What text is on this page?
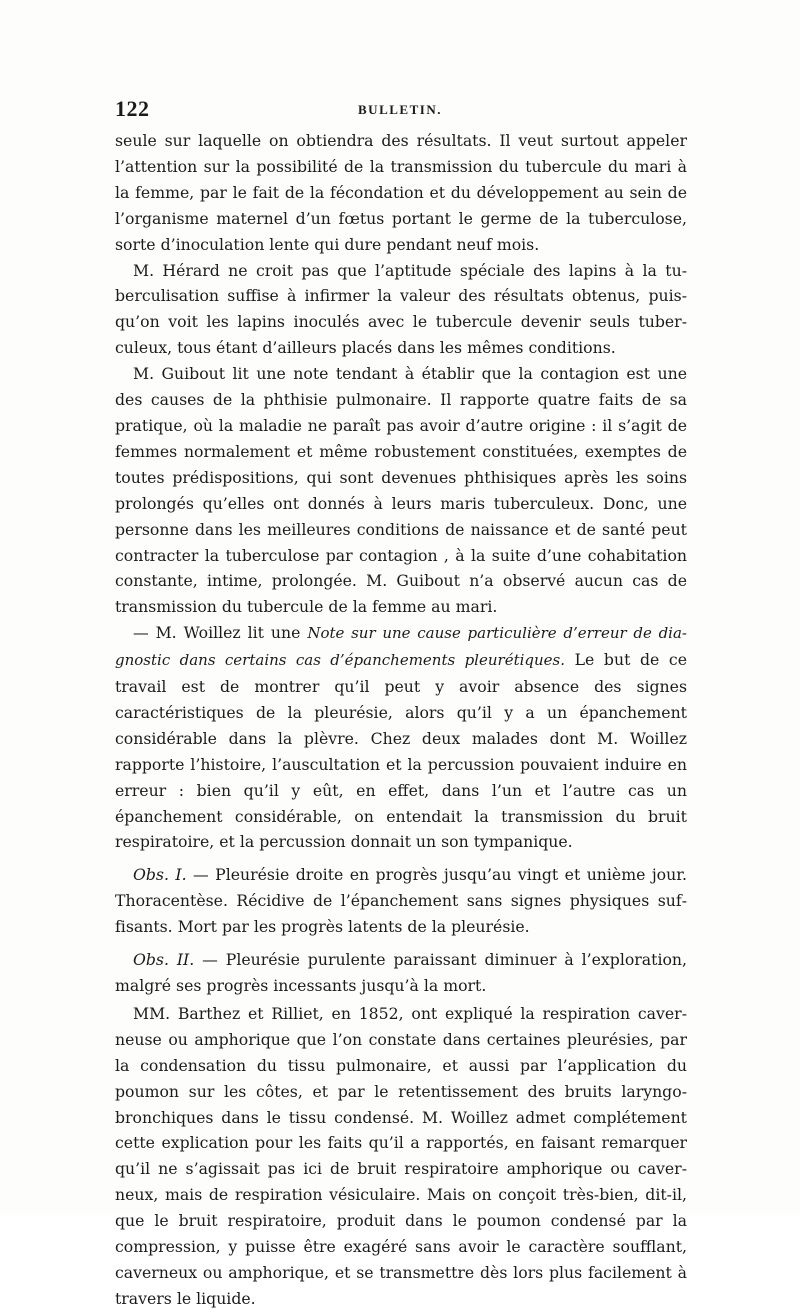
122	BULLETIN.

seule sur laquelle on obtiendra des résultats. Il veut surtout appeler l’attention sur la possibilité de la transmission du tubercule du mari à la femme, par le fait de la fécondation et du développement au sein de l’organisme maternel d’un fœtus portant le germe de la tuberculose, sorte d’inoculation lente qui dure pendant neuf mois.

M. Hérard ne croit pas que l’aptitude spéciale des lapins à la tuberculisation suffise à infirmer la valeur des résultats obtenus, puisqu’on voit les lapins inoculés avec le tubercule devenir seuls tuberculeux, tous étant d’ailleurs placés dans les mêmes conditions.

M. Guibout lit une note tendant à établir que la contagion est une des causes de la phthisie pulmonaire. Il rapporte quatre faits de sa pratique, où la maladie ne paraît pas avoir d’autre origine : il s’agit de femmes normalement et même robustement constituées, exemptes de toutes prédispositions, qui sont devenues phthisiques après les soins prolongés qu’elles ont donnés à leurs maris tuberculeux. Donc, une personne dans les meilleures conditions de naissance et de santé peut contracter la tuberculose par contagion , à la suite d’une cohabitation constante, intime, prolongée. M. Guibout n’a observé aucun cas de transmission du tubercule de la femme au mari.

— M. Woillez lit une Note sur une cause particulière d’erreur de diagnostic dans certains cas d’épanchements pleurétiques. Le but de ce travail est de montrer qu’il peut y avoir absence des signes caractéristiques de la pleurésie, alors qu’il y a un épanchement considérable dans la plèvre. Chez deux malades dont M. Woillez rapporte l’histoire, l’auscultation et la percussion pouvaient induire en erreur : bien qu’il y eût, en effet, dans l’un et l’autre cas un épanchement considérable, on entendait la transmission du bruit respiratoire, et la percussion donnait un son tympanique.

Obs. I. — Pleurésie droite en progrès jusqu’au vingt et unième jour. Thoracentèse. Récidive de l’épanchement sans signes physiques suffisants. Mort par les progrès latents de la pleurésie.

Obs. II. — Pleurésie purulente paraissant diminuer à l’exploration, malgré ses progrès incessants jusqu’à la mort.

MM. Barthez et Rilliet, en 1852, ont expliqué la respiration caverneuse ou amphorique que l’on constate dans certaines pleurésies, par la condensation du tissu pulmonaire, et aussi par l’application du poumon sur les côtes, et par le retentissement des bruits laryngobronchiques dans le tissu condensé. M. Woillez admet complétement cette explication pour les faits qu’il a rapportés, en faisant remarquer qu’il ne s’agissait pas ici de bruit respiratoire amphorique ou caverneux, mais de respiration vésiculaire. Mais on conçoit très-bien, dit-il, que le bruit respiratoire, produit dans le poumon condensé par la compression, y puisse être exagéré sans avoir le caractère soufflant, caverneux ou amphorique, et se transmettre dès lors plus facilement à travers le liquide.
